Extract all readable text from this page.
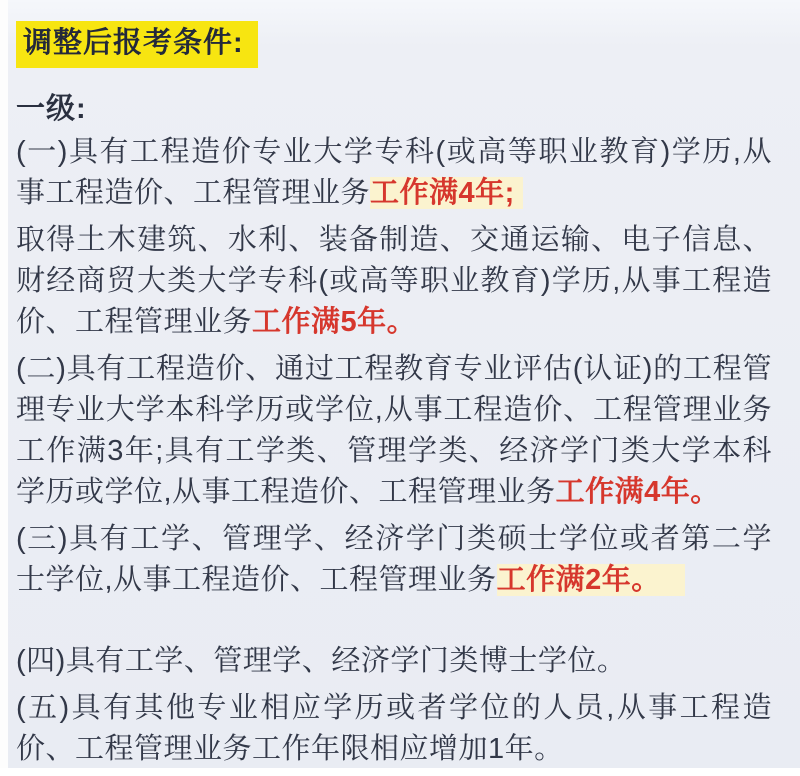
调整后报考条件:
一级:

(一)具有工程造价专业大学专科(或高等职业教育)学历,从事工程造价、工程管理业务工作满4年;

取得土木建筑、水利、装备制造、交通运输、电子信息、财经商贸大类大学专科(或高等职业教育)学历,从事工程造价、工程管理业务工作满5年。

(二)具有工程造价、通过工程教育专业评估(认证)的工程管理专业大学本科学历或学位,从事工程造价、工程管理业务工作满3年;具有工学类、管理学类、经济学门类大学本科学历或学位,从事工程造价、工程管理业务工作满4年。

(三)具有工学、管理学、经济学门类硕士学位或者第二学士学位,从事工程造价、工程管理业务工作满2年。

(四)具有工学、管理学、经济学门类博士学位。

(五)具有其他专业相应学历或者学位的人员,从事工程造价、工程管理业务工作年限相应增加1年。
